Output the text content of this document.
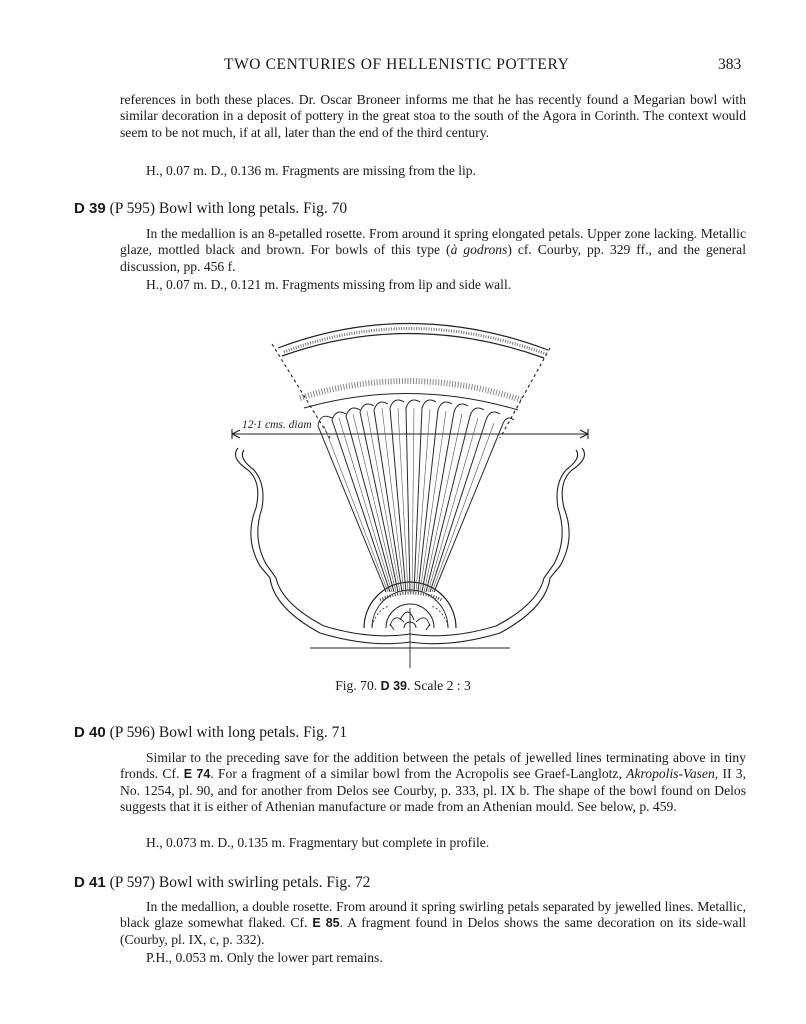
TWO CENTURIES OF HELLENISTIC POTTERY	383

references in both these places. Dr. Oscar Broneer informs me that he has recently found a Megarian bowl with similar decoration in a deposit of pottery in the great stoa to the south of the Agora in Corinth. The context would seem to be not much, if at all, later than the end of the third century.

H., 0.07 m. D., 0.136 m. Fragments are missing from the lip.
D 39 (P 595) Bowl with long petals. Fig. 70

In the medallion is an 8-petalled rosette. From around it spring elongated petals. Upper zone lacking. Metallic glaze, mottled black and brown. For bowls of this type (à godrons) cf. Courby, pp. 329 ff., and the general discussion, pp. 456 f.

H., 0.07 m. D., 0.121 m. Fragments missing from lip and side wall.
12·1 cms. diam
Fig. 70. D 39. Scale 2 : 3
D 40 (P 596) Bowl with long petals. Fig. 71

Similar to the preceding save for the addition between the petals of jewelled lines terminating above in tiny fronds. Cf. E 74. For a fragment of a similar bowl from the Acropolis see Graef-Langlotz, Akropolis-Vasen, II 3, No. 1254, pl. 90, and for another from Delos see Courby, p. 333, pl. IX b. The shape of the bowl found on Delos suggests that it is either of Athenian manufacture or made from an Athenian mould. See below, p. 459.

H., 0.073 m. D., 0.135 m. Fragmentary but complete in profile.
D 41 (P 597) Bowl with swirling petals. Fig. 72

In the medallion, a double rosette. From around it spring swirling petals separated by jewelled lines. Metallic, black glaze somewhat flaked. Cf. E 85. A fragment found in Delos shows the same decoration on its side-wall (Courby, pl. IX, c, p. 332).

P.H., 0.053 m. Only the lower part remains.
